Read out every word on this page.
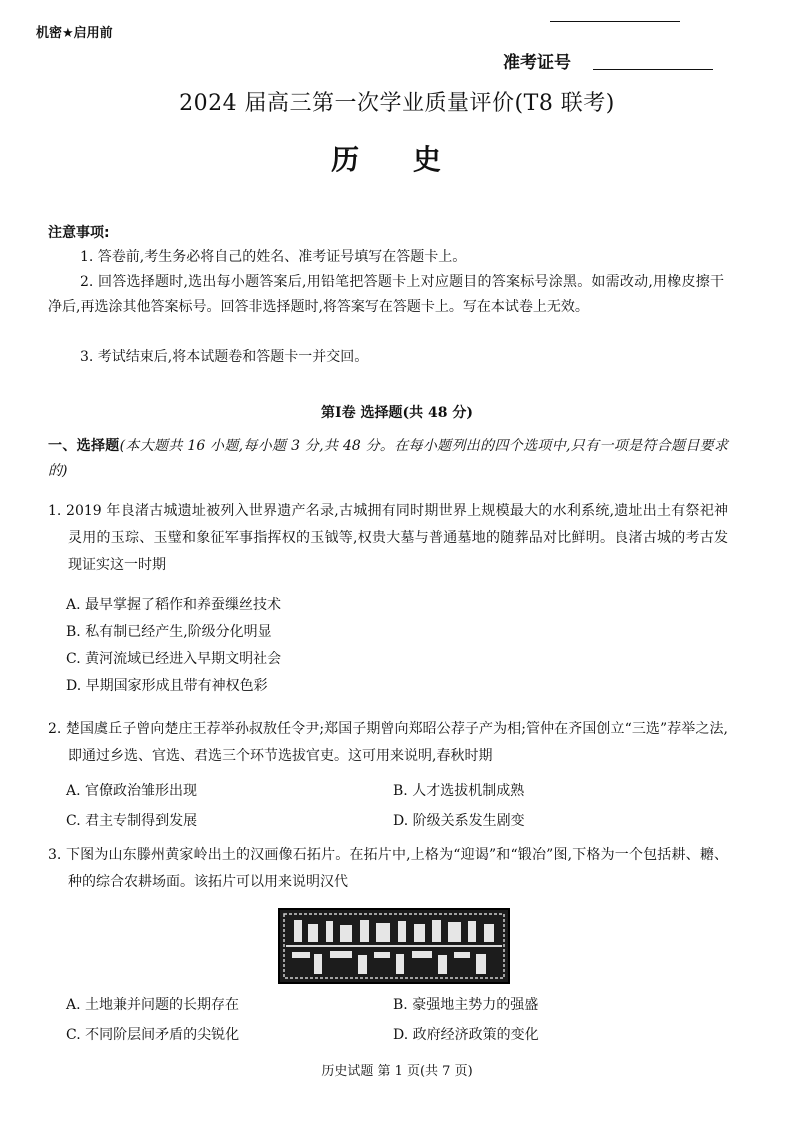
机密★启用前
准考证号
2024 届高三第一次学业质量评价(T8 联考)
历 史
注意事项:
1. 答卷前,考生务必将自己的姓名、准考证号填写在答题卡上。
2. 回答选择题时,选出每小题答案后,用铅笔把答题卡上对应题目的答案标号涂黑。如需改动,用橡皮擦干净后,再选涂其他答案标号。回答非选择题时,将答案写在答题卡上。写在本试卷上无效。
3. 考试结束后,将本试题卷和答题卡一并交回。
第Ⅰ卷 选择题(共 48 分)
一、选择题(本大题共 16 小题,每小题 3 分,共 48 分。在每小题列出的四个选项中,只有一项是符合题目要求的)
1. 2019 年良渚古城遗址被列入世界遗产名录,古城拥有同时期世界上规模最大的水利系统,遗址出土有祭祀神灵用的玉琮、玉璧和象征军事指挥权的玉钺等,权贵大墓与普通墓地的随葬品对比鲜明。良渚古城的考古发现证实这一时期
A. 最早掌握了稻作和养蚕缫丝技术
B. 私有制已经产生,阶级分化明显
C. 黄河流域已经进入早期文明社会
D. 早期国家形成且带有神权色彩
2. 楚国虞丘子曾向楚庄王荐举孙叔敖任令尹;郑国子期曾向郑昭公荐子产为相;管仲在齐国创立“三选”荐举之法,即通过乡选、官选、君选三个环节选拔官吏。这可用来说明,春秋时期
A. 官僚政治雏形出现	B. 人才选拔机制成熟
C. 君主专制得到发展	D. 阶级关系发生剧变
3. 下图为山东滕州黄家岭出土的汉画像石拓片。在拓片中,上格为“迎谒”和“锻冶”图,下格为一个包括耕、耱、种的综合农耕场面。该拓片可以用来说明汉代
A. 土地兼并问题的长期存在	B. 豪强地主势力的强盛
C. 不同阶层间矛盾的尖锐化	D. 政府经济政策的变化
历史试题 第 1 页(共 7 页)
